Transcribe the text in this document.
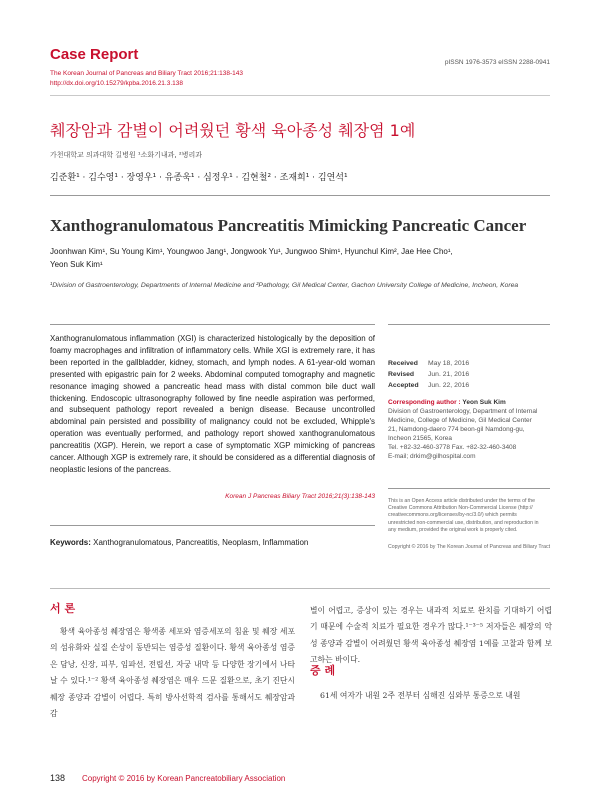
Case Report
The Korean Journal of Pancreas and Biliary Tract 2016;21:138-143
http://dx.doi.org/10.15279/kpba.2016.21.3.138
pISSN 1976-3573 eISSN 2288-0941
췌장암과 감별이 어려웠던 황색 육아종성 췌장염 1예
가천대학교 의과대학 길병원 ¹소화기내과, ²병리과
김준환¹ · 김수영¹ · 장영우¹ · 유종욱¹ · 심정우¹ · 김현철² · 조재희¹ · 김연석¹
Xanthogranulomatous Pancreatitis Mimicking Pancreatic Cancer
Joonhwan Kim¹, Su Young Kim¹, Youngwoo Jang¹, Jongwook Yu¹, Jungwoo Shim¹, Hyunchul Kim², Jae Hee Cho¹,
Yeon Suk Kim¹
¹Division of Gastroenterology, Departments of Internal Medicine and ²Pathology, Gil Medical Center, Gachon University College of Medicine, Incheon, Korea
Xanthogranulomatous inflammation (XGI) is characterized histologically by the deposition of foamy macrophages and infiltration of inflammatory cells. While XGI is extremely rare, it has been reported in the gallbladder, kidney, stomach, and lymph nodes. A 61-year-old woman presented with epigastric pain for 2 weeks. Abdominal computed tomography and magnetic resonance imaging showed a pancreatic head mass with distal common bile duct wall thickening. Endoscopic ultrasonography followed by fine needle aspiration was performed, and subsequent pathology report revealed a benign disease. Because uncontrolled abdominal pain persisted and possibility of malignancy could not be excluded, Whipple's operation was eventually performed, and pathology report showed xanthogranulomatous pancreatitis (XGP). Herein, we report a case of symptomatic XGP mimicking of pancreas cancer. Although XGP is extremely rare, it should be considered as a differential diagnosis of neoplastic lesions of the pancreas.
Korean J Pancreas Biliary Tract 2016;21(3):138-143
Keywords: Xanthogranulomatous, Pancreatitis, Neoplasm, Inflammation
Received May 18, 2016
Revised Jun. 21, 2016
Accepted Jun. 22, 2016
Corresponding author : Yeon Suk Kim
Division of Gastroenterology, Department of Internal
Medicine, College of Medicine, Gil Medical Center
21, Namdong-daero 774 beon-gil Namdong-gu,
Incheon 21565, Korea
Tel. +82-32-460-3778 Fax. +82-32-460-3408
E-mail; drkim@gilhospital.com
This is an Open Access article distributed under the terms of the
Creative Commons Attribution Non-Commercial License (http://
creativecommons.org/licenses/by-nc/3.0/) which permits
unrestricted non-commercial use, distribution, and reproduction in
any medium, provided the original work is properly cited.
Copyright © 2016 by The Korean Journal of Pancreas and Biliary Tract
서 론
황색 육아종성 췌장염은 황색종 세포와 염증세포의 침윤 및 췌장 세포의 섬유화와 실질 손상이 동반되는 염증성 질환이다. 황색 육아종성 염증은 담낭, 신장, 피부, 임파선, 전립선, 자궁 내막 등 다양한 장기에서 나타날 수 있다.¹⁻² 황색 육아종성 췌장염은 매우 드문 질환으로, 초기 진단시 췌장 종양과 감별이 어렵다. 특히 방사선학적 검사를 통해서도 췌장암과 감
별이 어렵고, 증상이 있는 경우는 내과적 치료로 완치를 기대하기 어렵기 때문에 수술적 치료가 필요한 경우가 많다.¹⁻³⁻⁵ 저자들은 췌장의 악성 종양과 감별이 어려웠던 황색 육아종성 췌장염 1예를 고찰과 함께 보고하는 바이다.
증 례
61세 여자가 내원 2주 전부터 심해진 심와부 통증으로 내원
138 Copyright © 2016 by Korean Pancreatobiliary Association
